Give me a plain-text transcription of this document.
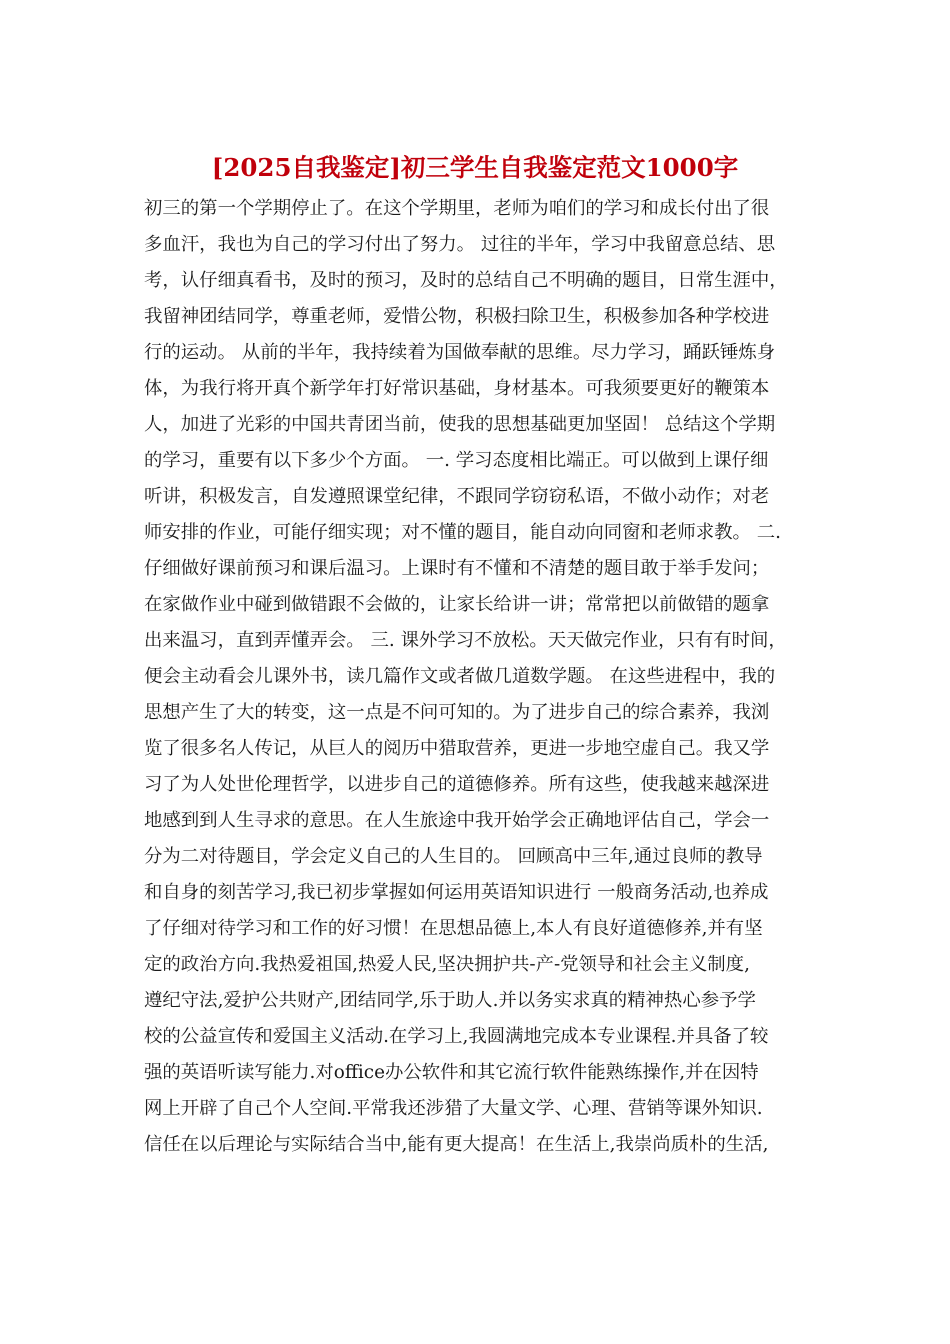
[2025自我鉴定]初三学生自我鉴定范文1000字
初三的第一个学期停止了。在这个学期里，老师为咱们的学习和成长付出了很
多血汗，我也为自己的学习付出了努力。 过往的半年，学习中我留意总结、思
考，认仔细真看书，及时的预习，及时的总结自己不明确的题目，日常生涯中，
我留神团结同学，尊重老师，爱惜公物，积极扫除卫生，积极参加各种学校进
行的运动。 从前的半年，我持续着为国做奉献的思维。尽力学习，踊跃锤炼身
体，为我行将开真个新学年打好常识基础，身材基本。可我须要更好的鞭策本
人，加进了光彩的中国共青团当前，使我的思想基础更加坚固！ 总结这个学期
的学习，重要有以下多少个方面。 一. 学习态度相比端正。可以做到上课仔细
听讲，积极发言，自发遵照课堂纪律，不跟同学窃窃私语，不做小动作；对老
师安排的作业，可能仔细实现；对不懂的题目，能自动向同窗和老师求教。 二.
仔细做好课前预习和课后温习。上课时有不懂和不清楚的题目敢于举手发问；
在家做作业中碰到做错跟不会做的，让家长给讲一讲；常常把以前做错的题拿
出来温习，直到弄懂弄会。 三. 课外学习不放松。天天做完作业，只有有时间，
便会主动看会儿课外书，读几篇作文或者做几道数学题。 在这些进程中，我的
思想产生了大的转变，这一点是不问可知的。为了进步自己的综合素养，我浏
览了很多名人传记，从巨人的阅历中猎取营养，更进一步地空虚自己。我又学
习了为人处世伦理哲学，以进步自己的道德修养。所有这些，使我越来越深进
地感到到人生寻求的意思。在人生旅途中我开始学会正确地评估自己，学会一
分为二对待题目，学会定义自己的人生目的。 回顾高中三年,通过良师的教导
和自身的刻苦学习,我已初步掌握如何运用英语知识进行 一般商务活动,也养成
了仔细对待学习和工作的好习惯！在思想品德上,本人有良好道德修养,并有坚
定的政治方向.我热爱祖国,热爱人民,坚决拥护共-产-党领导和社会主义制度,
遵纪守法,爱护公共财产,团结同学,乐于助人.并以务实求真的精神热心参予学
校的公益宣传和爱国主义活动.在学习上,我圆满地完成本专业课程.并具备了较
强的英语听读写能力.对office办公软件和其它流行软件能熟练操作,并在因特
网上开辟了自己个人空间.平常我还涉猎了大量文学、心理、营销等课外知识.
信任在以后理论与实际结合当中,能有更大提高！在生活上,我崇尚质朴的生活,
